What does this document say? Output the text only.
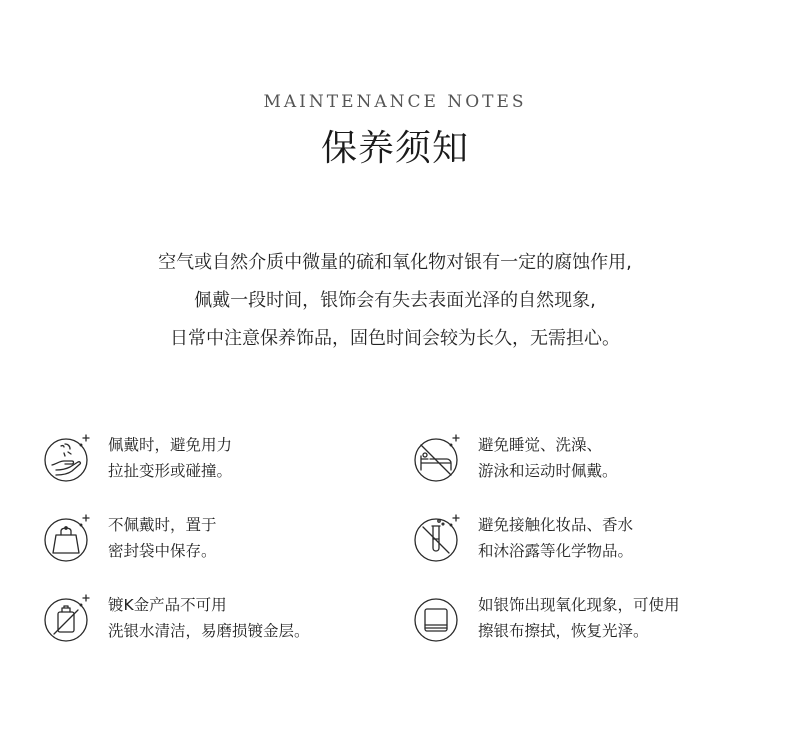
MAINTENANCE NOTES
保养须知
空气或自然介质中微量的硫和氧化物对银有一定的腐蚀作用,
佩戴一段时间，银饰会有失去表面光泽的自然现象,
日常中注意保养饰品，固色时间会较为长久，无需担心。
佩戴时，避免用力
拉扯变形或碰撞。
避免睡觉、洗澡、
游泳和运动时佩戴。
不佩戴时，置于
密封袋中保存。
避免接触化妆品、香水
和沐浴露等化学物品。
镀K金产品不可用
洗银水清洁，易磨损镀金层。
如银饰出现氧化现象，可使用
擦银布擦拭，恢复光泽。
